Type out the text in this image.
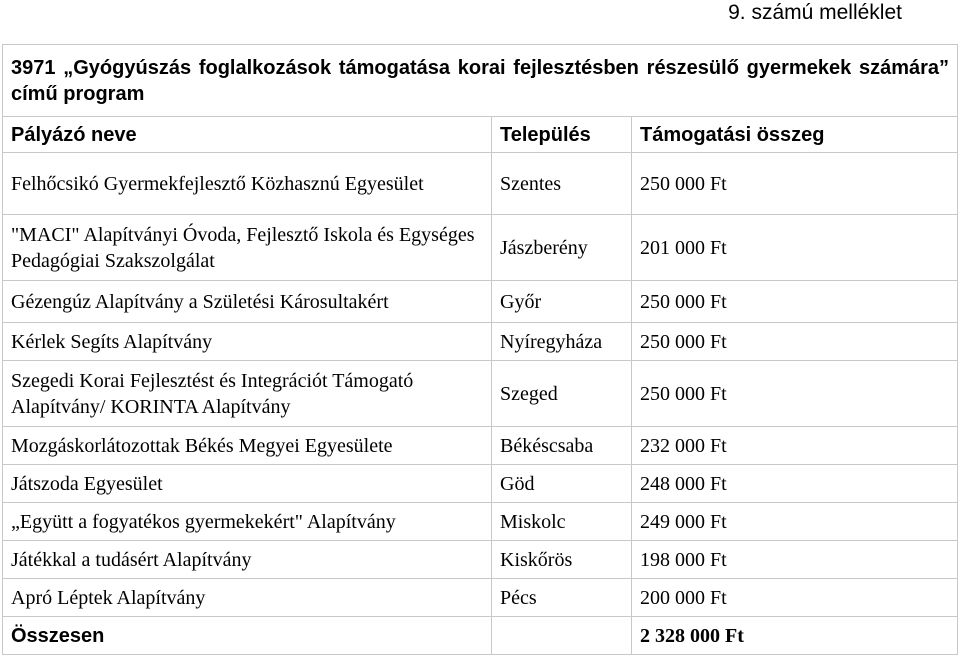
9. számú melléklet
3971 „Gyógyúszás foglalkozások támogatása korai fejlesztésben részesülő gyermekek számára” című program		

Pályázó neve	Település	Támogatási összeg
Felhőcsikó Gyermekfejlesztő Közhasznú Egyesület	Szentes	250 000 Ft
"MACI" Alapítványi Óvoda, Fejlesztő Iskola és Egységes Pedagógiai Szakszolgálat	Jászberény	201 000 Ft
Gézengúz Alapítvány a Születési Károsultakért	Győr	250 000 Ft
Kérlek Segíts Alapítvány	Nyíregyháza	250 000 Ft
Szegedi Korai Fejlesztést és Integrációt Támogató Alapítvány/ KORINTA Alapítvány	Szeged	250 000 Ft
Mozgáskorlátozottak Békés Megyei Egyesülete	Békéscsaba	232 000 Ft
Játszoda Egyesület	Göd	248 000 Ft
„Együtt a fogyatékos gyermekekért" Alapítvány	Miskolc	249 000 Ft
Játékkal a tudásért Alapítvány	Kiskőrös	198 000 Ft
Apró Léptek Alapítvány	Pécs	200 000 Ft
Összesen		2 328 000 Ft
